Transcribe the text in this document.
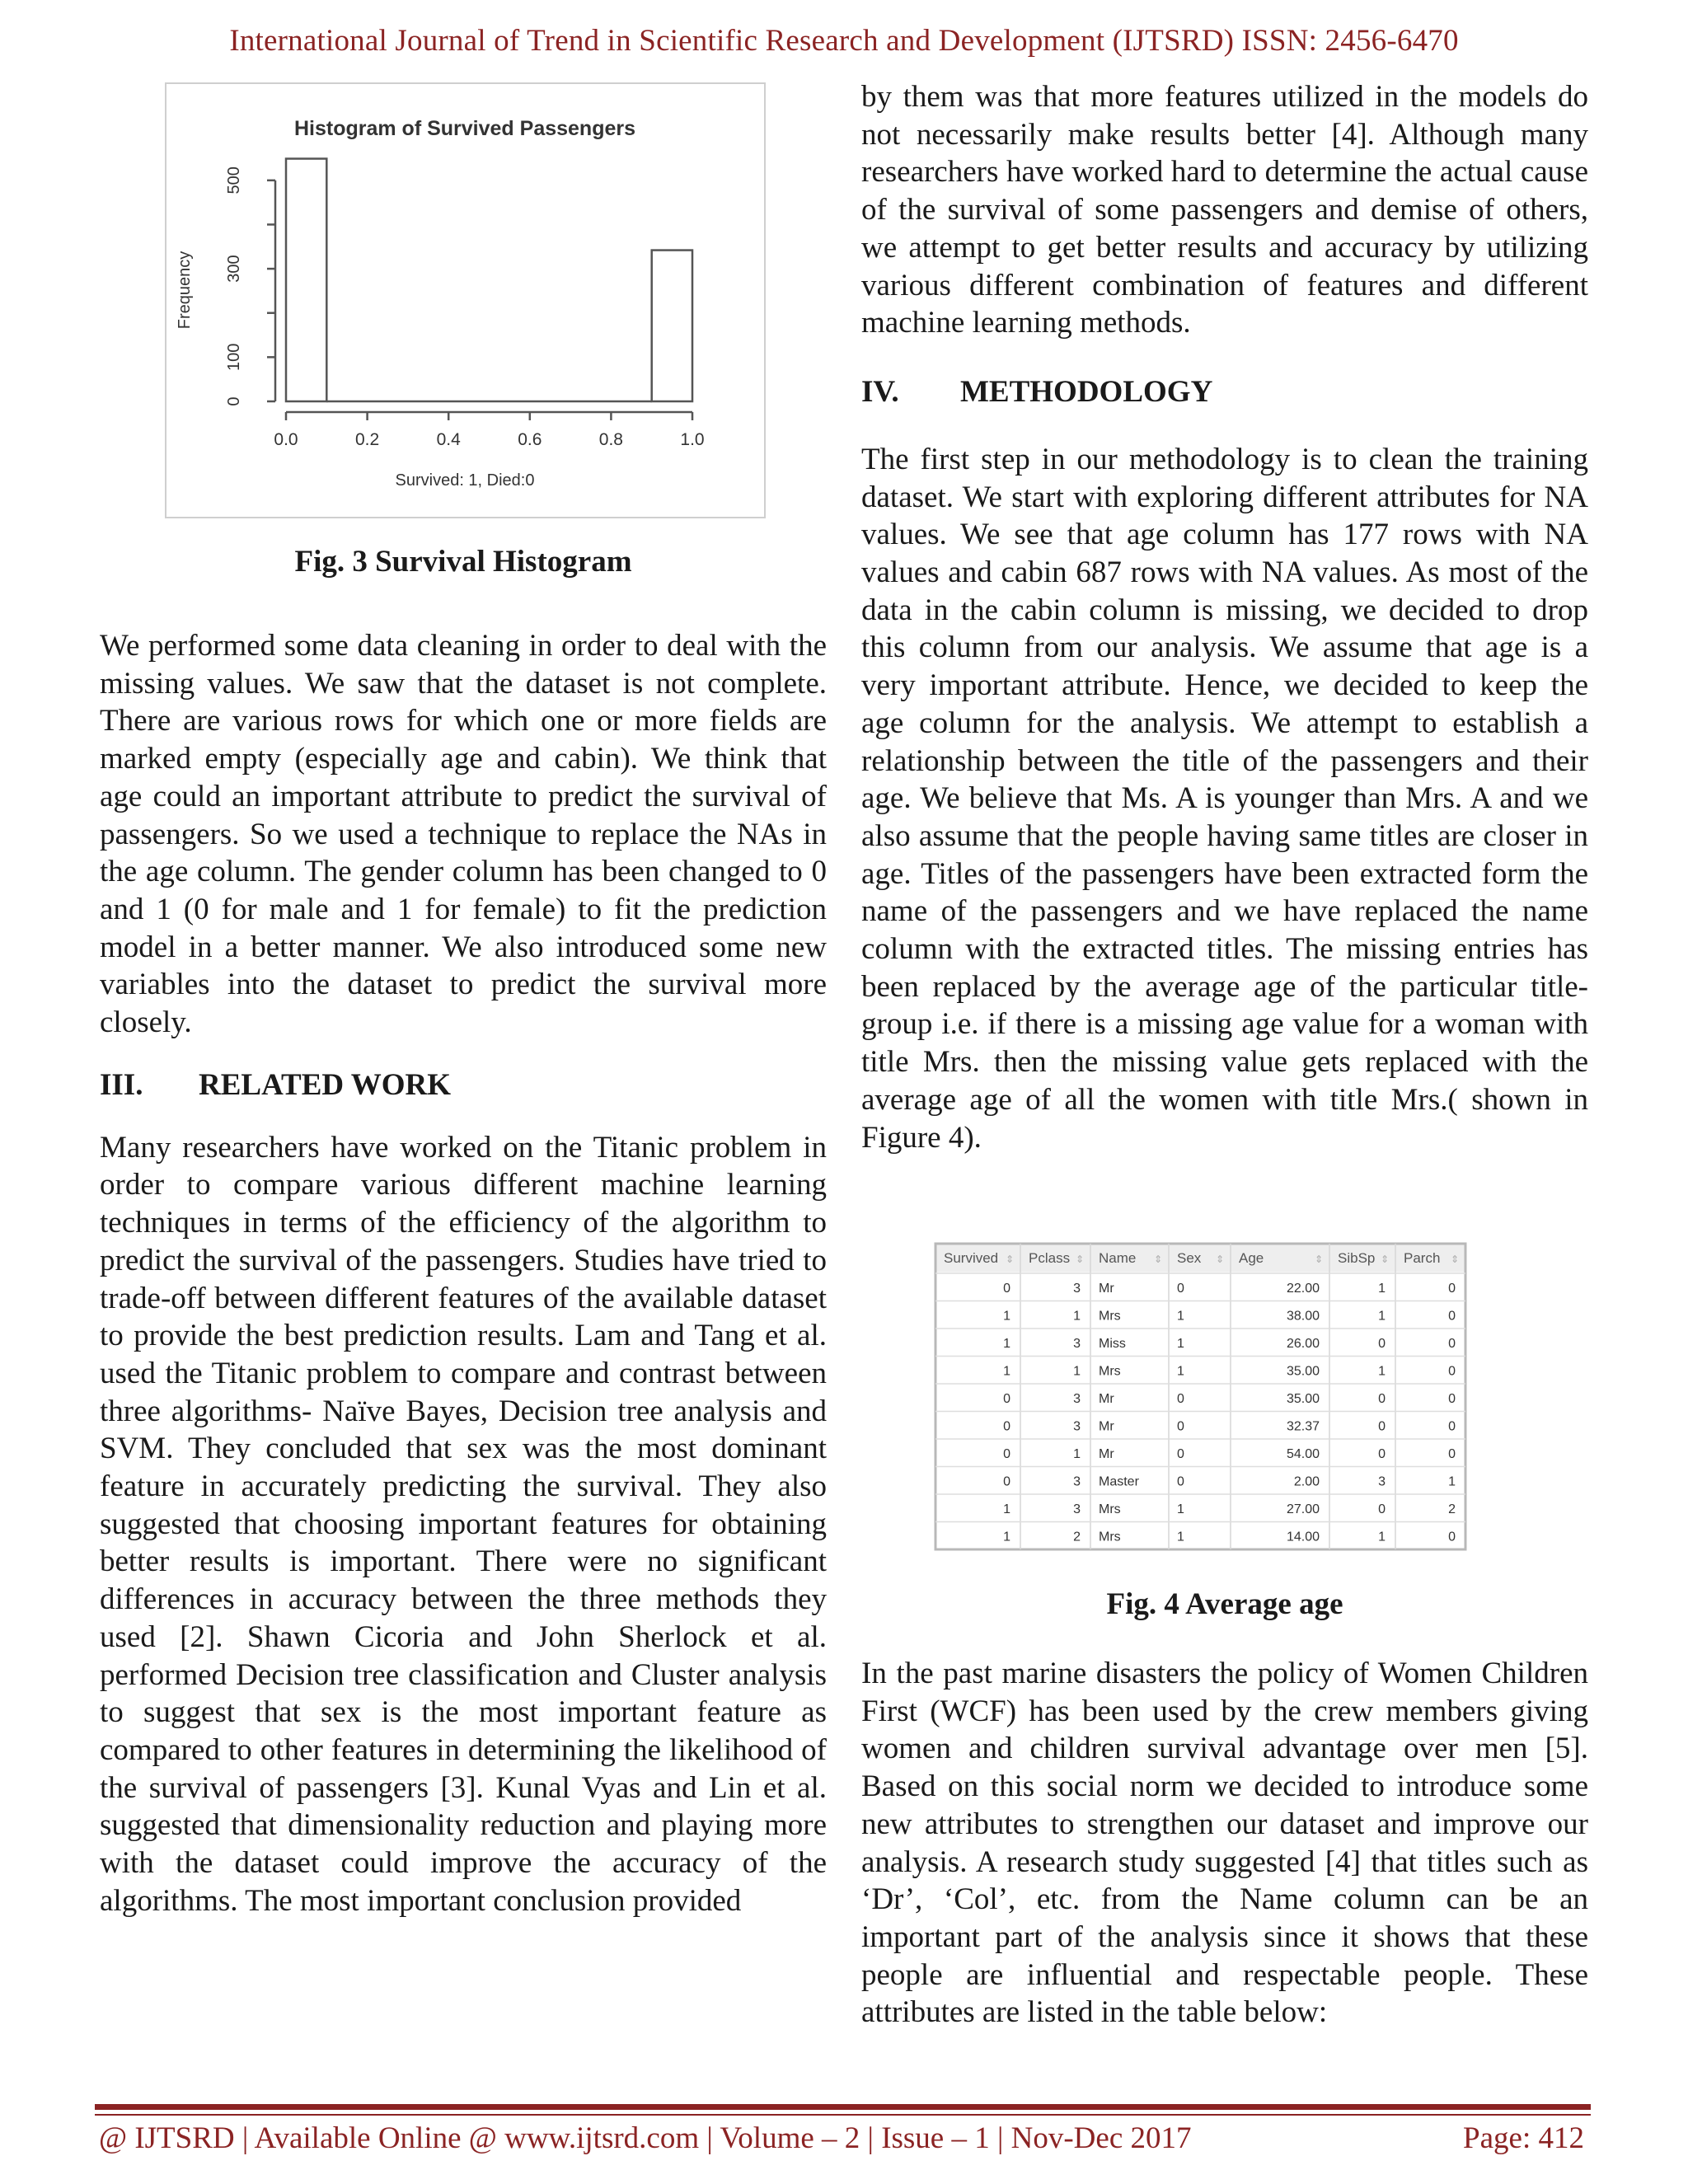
International Journal of Trend in Scientific Research and Development (IJTSRD) ISSN: 2456-6470
Histogram of Survived Passengers
0.0	0.2	0.4	0.6	0.8	1.0
Survived: 1, Died:0
0
100
300
500
Frequency

Fig. 3 Survival Histogram

We performed some data cleaning in order to deal with the missing values. We saw that the dataset is not complete. There are various rows for which one or more fields are marked empty (especially age and cabin). We think that age could an important attribute to predict the survival of passengers. So we used a technique to replace the NAs in the age column. The gender column has been changed to 0 and 1 (0 for male and 1 for female) to fit the prediction model in a better manner. We also introduced some new variables into the dataset to predict the survival more closely.

III. RELATED WORK

Many researchers have worked on the Titanic problem in order to compare various different machine learning techniques in terms of the efficiency of the algorithm to predict the survival of the passengers. Studies have tried to trade-off between different features of the available dataset to provide the best prediction results. Lam and Tang et al. used the Titanic problem to compare and contrast between three algorithms- Naïve Bayes, Decision tree analysis and SVM. They concluded that sex was the most dominant feature in accurately predicting the survival. They also suggested that choosing important features for obtaining better results is important. There were no significant differences in accuracy between the three methods they used [2]. Shawn Cicoria and John Sherlock et al. performed Decision tree classification and Cluster analysis to suggest that sex is the most important feature as compared to other features in determining the likelihood of the survival of passengers [3]. Kunal Vyas and Lin et al. suggested that dimensionality reduction and playing more with the dataset could improve the accuracy of the algorithms. The most important conclusion provided

by them was that more features utilized in the models do not necessarily make results better [4]. Although many researchers have worked hard to determine the actual cause of the survival of some passengers and demise of others, we attempt to get better results and accuracy by utilizing various different combination of features and different machine learning methods.

IV. METHODOLOGY

The first step in our methodology is to clean the training dataset. We start with exploring different attributes for NA values. We see that age column has 177 rows with NA values and cabin 687 rows with NA values. As most of the data in the cabin column is missing, we decided to drop this column from our analysis. We assume that age is a very important attribute. Hence, we decided to keep the age column for the analysis. We attempt to establish a relationship between the title of the passengers and their age. We believe that Ms. A is younger than Mrs. A and we also assume that the people having same titles are closer in age. Titles of the passengers have been extracted form the name of the passengers and we have replaced the name column with the extracted titles. The missing entries has been replaced by the average age of the particular title-group i.e. if there is a missing age value for a woman with title Mrs. then the missing value gets replaced with the average age of all the women with title Mrs.( shown in Figure 4).

Survived ⇕ Pclass ⇕ Name ⇕ Sex ⇕ Age	⇕ SibSp ⇕ Parch ⇕
0	3 Mr	0	22.00	1	0
1	1 Mrs	1	38.00	1	0
1	3 Miss	1	26.00	0	0
1	1 Mrs	1	35.00	1	0
0	3 Mr	0	35.00	0	0
0	3 Mr	0	32.37	0	0
0	1 Mr	0	54.00	0	0
0	3 Master	0	2.00	3	1
1	3 Mrs	1	27.00	0	2
1	2 Mrs	1	14.00	1	0

Fig. 4 Average age

In the past marine disasters the policy of Women Children First (WCF) has been used by the crew members giving women and children survival advantage over men [5]. Based on this social norm we decided to introduce some new attributes to strengthen our dataset and improve our analysis. A research study suggested [4] that titles such as ‘Dr’, ‘Col’, etc. from the Name column can be an important part of the analysis since it shows that these people are influential and respectable people. These attributes are listed in the table below:

@ IJTSRD | Available Online @ www.ijtsrd.com | Volume – 2 | Issue – 1 | Nov-Dec 2017	Page: 412
